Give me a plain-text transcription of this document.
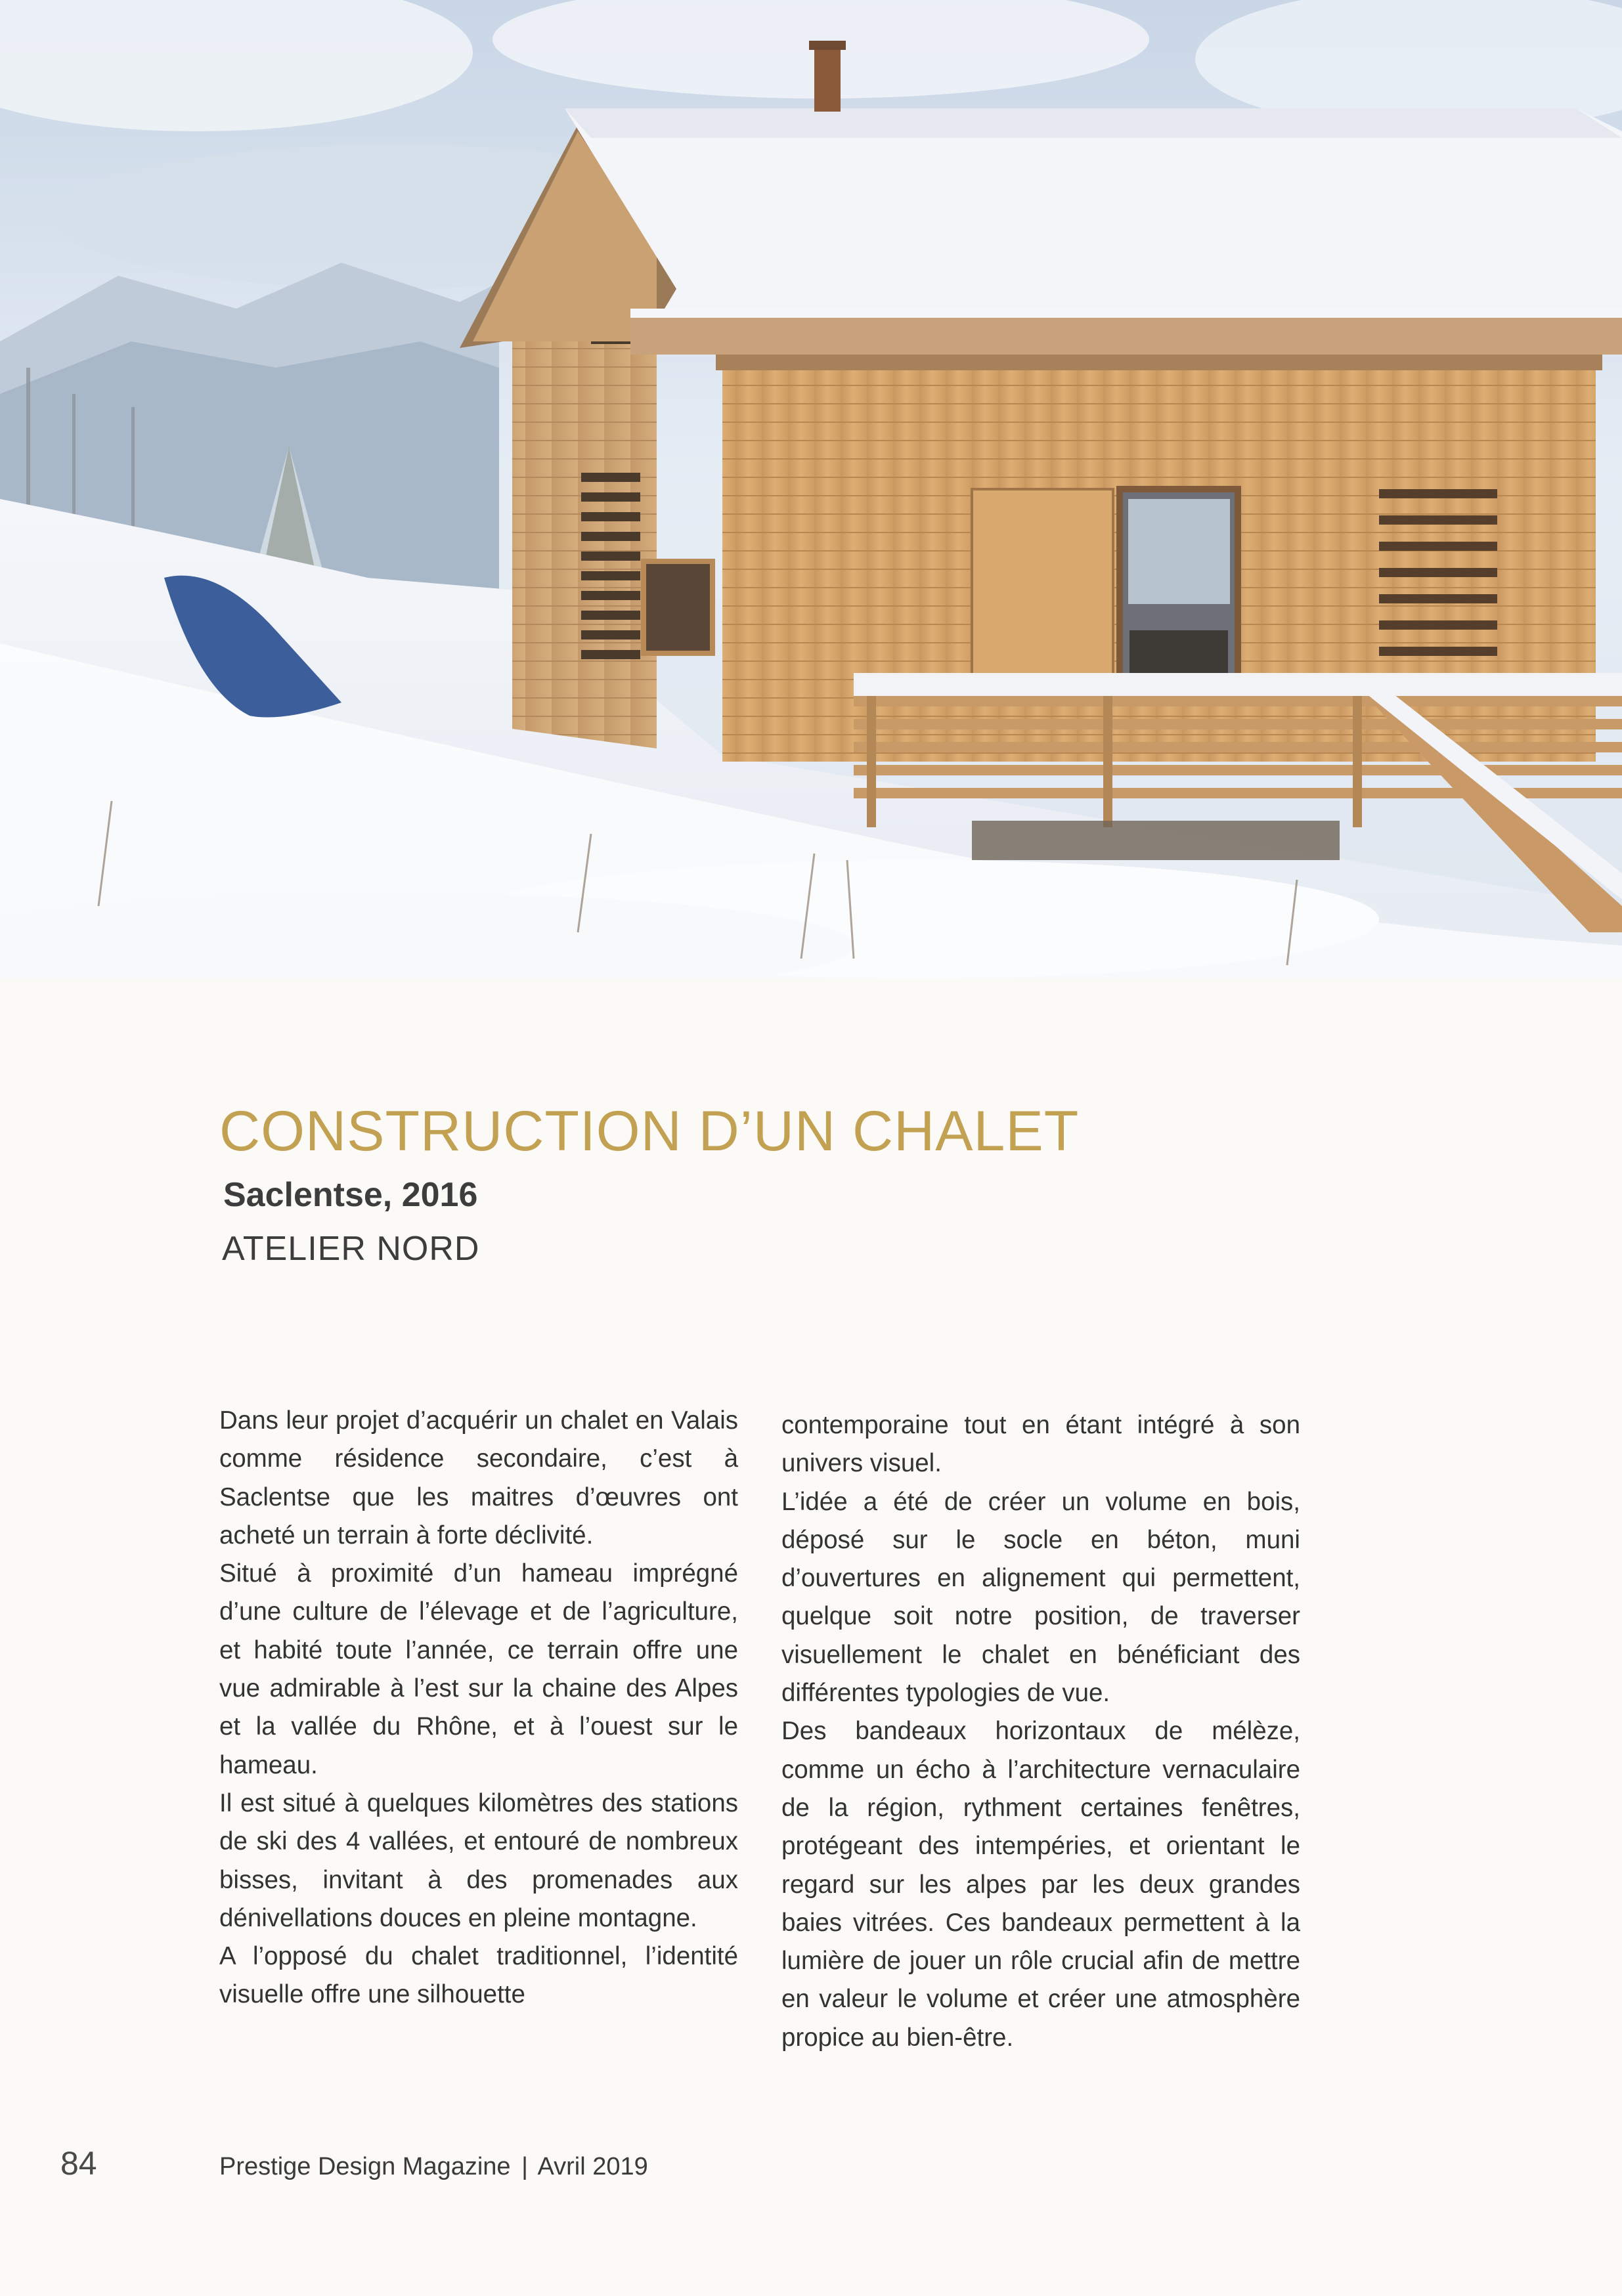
CONSTRUCTION D’UN CHALET
Saclentse, 2016
ATELIER NORD

Dans leur projet d’acquérir un chalet en Valais comme résidence secondaire, c’est à Saclentse que les maitres d’œuvres ont acheté un terrain à forte déclivité.

Situé à proximité d’un hameau imprégné d’une culture de l’élevage et de l’agriculture, et habité toute l’année, ce terrain offre une vue admirable à l’est sur la chaine des Alpes et la vallée du Rhône, et à l’ouest sur le hameau.

Il est situé à quelques kilomètres des stations de ski des 4 vallées, et entouré de nombreux bisses, invitant à des promenades aux dénivellations douces en pleine montagne.

A l’opposé du chalet traditionnel, l’identité visuelle offre une silhouette

contemporaine tout en étant intégré à son univers visuel.

L’idée a été de créer un volume en bois, déposé sur le socle en béton, muni d’ouvertures en alignement qui permettent, quelque soit notre position, de traverser visuellement le chalet en bénéficiant des différentes typologies de vue.

Des bandeaux horizontaux de mélèze, comme un écho à l’architecture vernaculaire de la région, rythment certaines fenêtres, protégeant des intempéries, et orientant le regard sur les alpes par les deux grandes baies vitrées. Ces bandeaux permettent à la lumière de jouer un rôle crucial afin de mettre en valeur le volume et créer une atmosphère propice au bien-être.

84	Prestige Design Magazine | Avril 2019
